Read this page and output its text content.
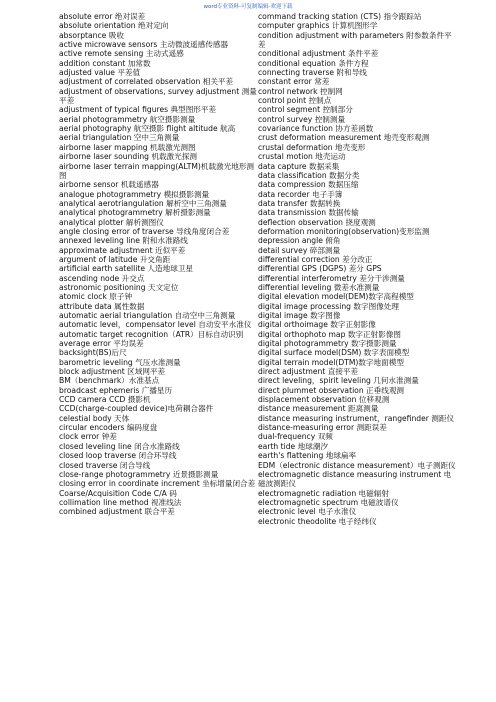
word专业资料-可复制编辑-欢迎下载

absolute error 绝对误差

absolute orientation 绝对定向

absorptance 吸收

active microwave sensors 主动微波遥感传感器

active remote sensing 主动式遥感

addition constant 加常数

adjusted value 平差值

adjustment of correlated observation 相关平差

adjustment of observations, survey adjustment 测量平差

adjustment of typical figures 典型图形平差

aerial photogrammetry 航空摄影测量

aerial photography 航空摄影 flight altitude 航高

aerial triangulation 空中三角测量

airborne laser mapping 机载激光测图

airborne laser sounding 机载激光探测

airborne laser terrain mapping(ALTM)机载激光地形测图

airborne sensor 机载遥感器

analogue photogrammetry 模拟摄影测量

analytical aerotriangulation 解析空中三角测量

analytical photogrammetry 解析摄影测量

analytical plotter 解析测图仪

angle closing error of traverse 导线角度闭合差

annexed leveling line 附和水准路线

approximate adjustment 近似平差

argument of latitude 升交角距

artificial earth satellite 人造地球卫星

ascending node 升交点

astronomic positioning 天文定位

atomic clock 原子钟

attribute data 属性数据

automatic aerial triangulation 自动空中三角测量

automatic level，compensator level 自动安平水准仪

automatic target recognition（ATR）目标自动识别

average error 平均误差

backsight(BS)后尺

barometric leveling 气压水准测量

block adjustment 区域网平差

BM（benchmark）水准基点

broadcast ephemeris 广播星历

CCD camera CCD 摄影机

CCD(charge-coupled device)电荷耦合器件

celestial body 天体

circular encoders 编码度盘

clock error 钟差

closed leveling line 闭合水准路线

closed loop traverse 闭合环导线

closed traverse 闭合导线

close-range photogrammetry 近景摄影测量

closing error in coordinate increment 坐标增量闭合差

Coarse/Acquisition Code C/A 码

collimation line method 视准线法

combined adjustment 联合平差

command tracking station (CTS) 指令跟踪站

computer graphics 计算机图形学

condition adjustment with parameters 附参数条件平差

conditional adjustment 条件平差

conditional equation 条件方程

connecting traverse 附和导线

constant error 常差

control network 控制网

control point 控制点

control segment 控制部分

control survey 控制测量

covariance function 协方差函数

crust deformation measurement 地壳变形观测

crustal deformation 地壳变形

crustal motion 地壳运动

data capture 数据采集

data classification 数据分类

data compression 数据压缩

data recorder 电子手簿

data transfer 数据转换

data transmission 数据传输

deflection observation 挠度观测

deformation monitoring(observation)变形监测

depression angle 俯角

detail survey 碎部测量

differential correction 差分改正

differential GPS (DGPS) 差分 GPS

differential interferometry 差分干涉测量

differential leveling 微差水准测量

digital elevation model(DEM)数字高程模型

digital image processing 数字图像处理

digital image 数字图像

digital orthoimage 数字正射影像

digital orthophoto map 数字正射影像图

digital photogrammetry 数字摄影测量

digital surface model(DSM) 数字表面模型

digital terrain model(DTM)数字地面模型

direct adjustment 直接平差

direct leveling，spirit leveling 几何水准测量

direct plummet observation 正垂线观测

displacement observation 位移观测

distance measurement 距离测量

distance measuring instrument，rangefinder 测距仪

distance-measuring error 测距误差

dual-frequency 双频

earth tide 地球潮汐

earth's flattening 地球扁率

EDM（electronic distance measurement）电子测距仪

electromagnetic distance measuring instrument 电磁波测距仪

electromagnetic radiation 电磁辐射

electromagnetic spectrum 电磁波谱仪

electronic level 电子水准仪

electronic theodolite 电子经纬仪
